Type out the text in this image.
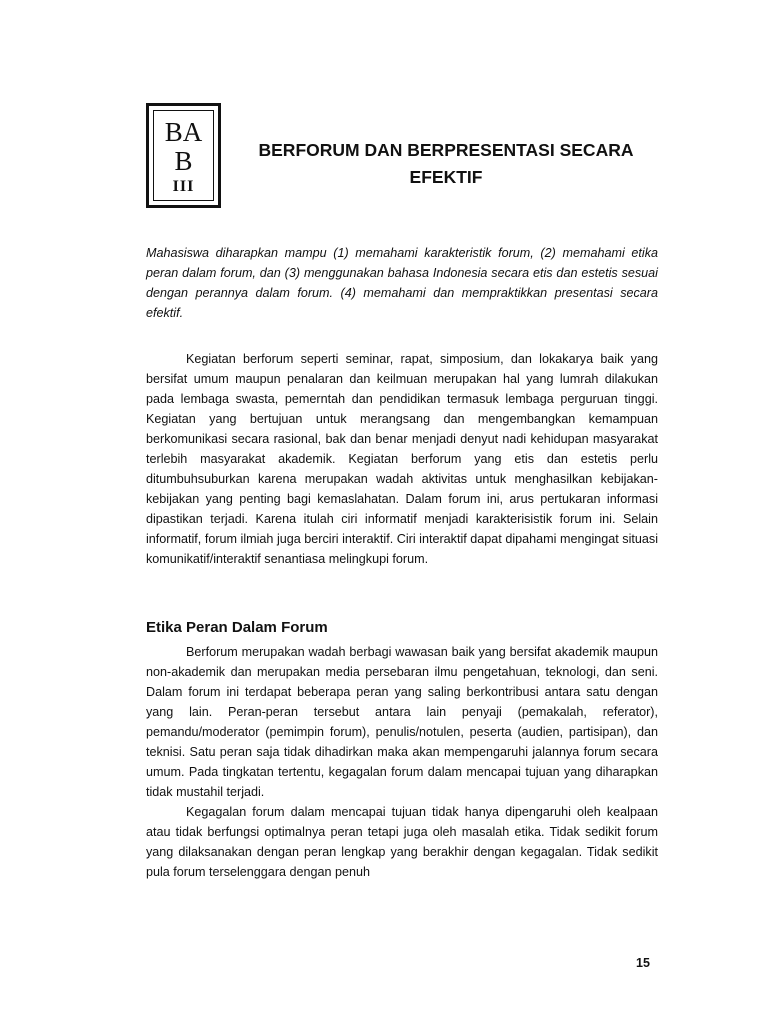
BA
B
III
BERFORUM DAN BERPRESENTASI SECARA EFEKTIF

Mahasiswa diharapkan mampu (1) memahami karakteristik forum, (2) memahami etika peran dalam forum, dan (3) menggunakan bahasa Indonesia secara etis dan estetis sesuai dengan perannya dalam forum. (4) memahami dan mempraktikkan presentasi secara efektif.

Kegiatan berforum seperti seminar, rapat, simposium, dan lokakarya baik yang bersifat umum maupun penalaran dan keilmuan merupakan hal yang lumrah dilakukan pada lembaga swasta, pemerntah dan pendidikan termasuk lembaga perguruan tinggi. Kegiatan yang bertujuan untuk merangsang dan mengembangkan kemampuan berkomunikasi secara rasional, bak dan benar menjadi denyut nadi kehidupan masyarakat terlebih masyarakat akademik. Kegiatan berforum yang etis dan estetis perlu ditumbuhsuburkan karena merupakan wadah aktivitas untuk menghasilkan kebijakan-kebijakan yang penting bagi kemaslahatan. Dalam forum ini, arus pertukaran informasi dipastikan terjadi. Karena itulah ciri informatif menjadi karakterisistik forum ini. Selain informatif, forum ilmiah juga berciri interaktif. Ciri interaktif dapat dipahami mengingat situasi komunikatif/interaktif senantiasa melingkupi forum.

Etika Peran Dalam Forum

Berforum merupakan wadah berbagi wawasan baik yang bersifat akademik maupun non-akademik dan merupakan media persebaran ilmu pengetahuan, teknologi, dan seni. Dalam forum ini terdapat beberapa peran yang saling berkontribusi antara satu dengan yang lain. Peran-peran tersebut antara lain penyaji (pemakalah, referator), pemandu/moderator (pemimpin forum), penulis/notulen, peserta (audien, partisipan), dan teknisi. Satu peran saja tidak dihadirkan maka akan mempengaruhi jalannya forum secara umum. Pada tingkatan tertentu, kegagalan forum dalam mencapai tujuan yang diharapkan tidak mustahil terjadi.

Kegagalan forum dalam mencapai tujuan tidak hanya dipengaruhi oleh kealpaan atau tidak berfungsi optimalnya peran tetapi juga oleh masalah etika. Tidak sedikit forum yang dilaksanakan dengan peran lengkap yang berakhir dengan kegagalan. Tidak sedikit pula forum terselenggara dengan penuh

15
